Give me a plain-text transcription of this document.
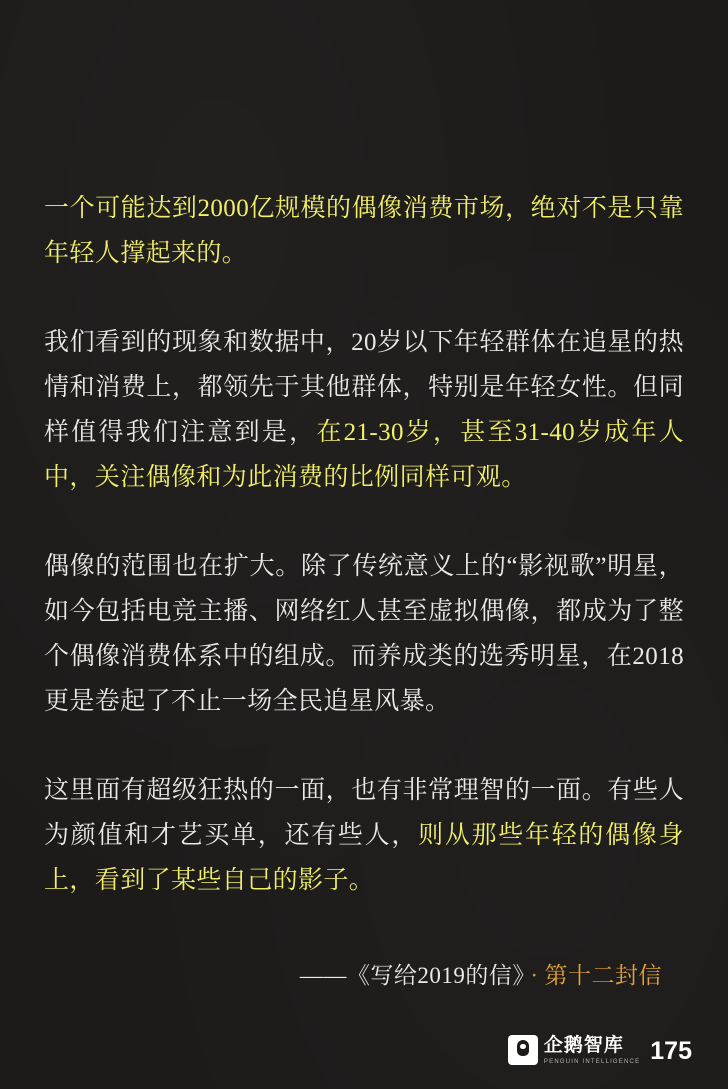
一个可能达到2000亿规模的偶像消费市场，绝对不是只靠年轻人撑起来的。

我们看到的现象和数据中，20岁以下年轻群体在追星的热情和消费上，都领先于其他群体，特别是年轻女性。但同样值得我们注意到是，在21-30岁，甚至31-40岁成年人中，关注偶像和为此消费的比例同样可观。

偶像的范围也在扩大。除了传统意义上的“影视歌”明星，如今包括电竞主播、网络红人甚至虚拟偶像，都成为了整个偶像消费体系中的组成。而养成类的选秀明星，在2018更是卷起了不止一场全民追星风暴。

这里面有超级狂热的一面，也有非常理智的一面。有些人为颜值和才艺买单，还有些人，则从那些年轻的偶像身上，看到了某些自己的影子。

——《写给2019的信》 · 第十二封信
企鹅智库
PENGUIN INTELLIGENCE 175
